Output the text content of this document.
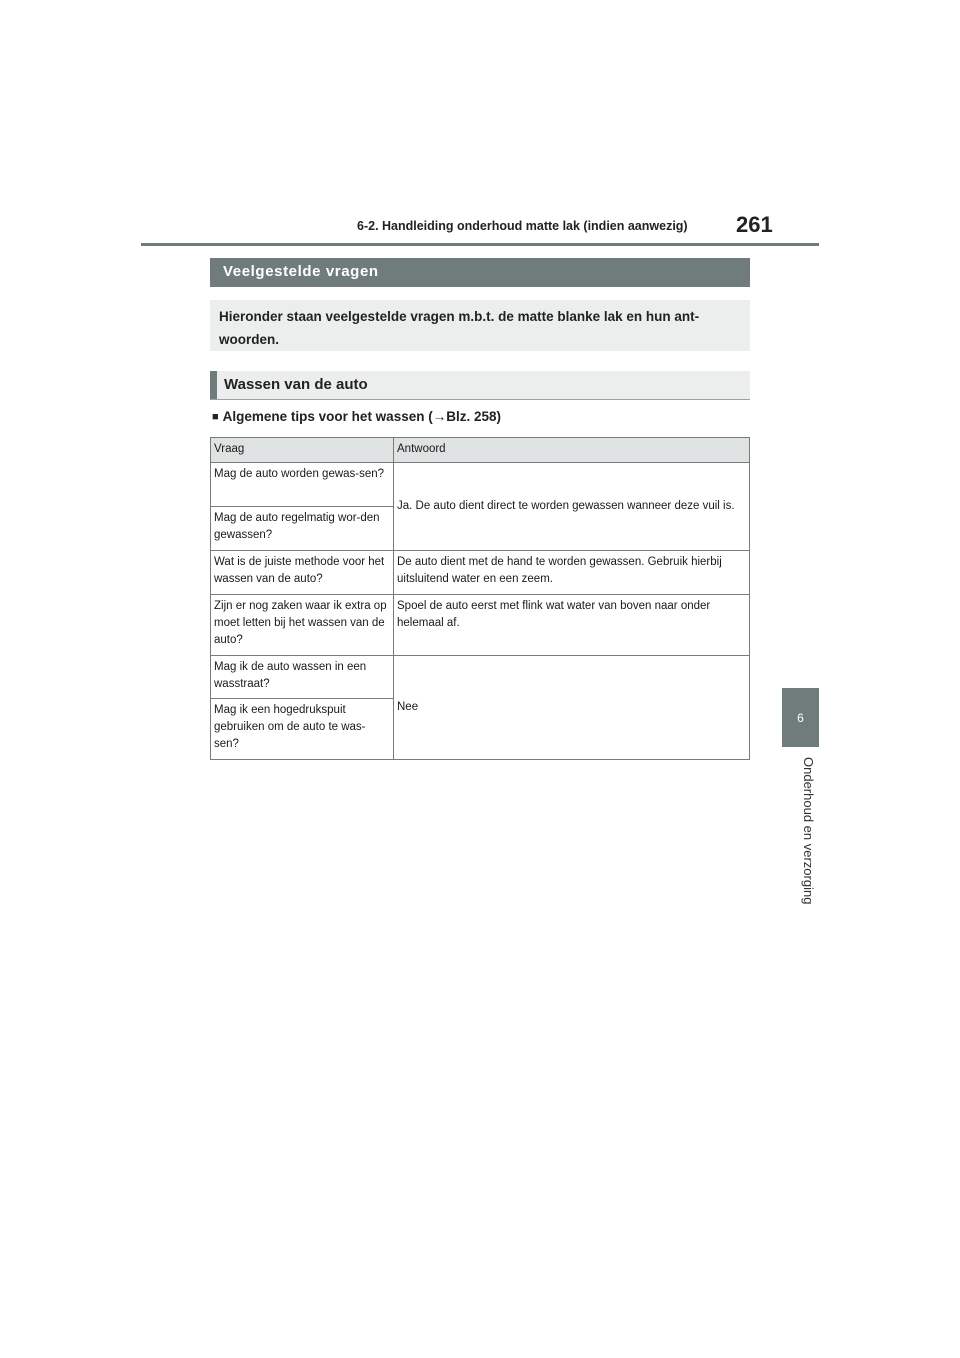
6-2. Handleiding onderhoud matte lak (indien aanwezig) 261
6
Onderhoud en verzorging
Veelgestelde vragen
Hieronder staan veelgestelde vragen m.b.t. de matte blanke lak en hun ant-
woorden.
Wassen van de auto
■ Algemene tips voor het wassen (→Blz. 258)
Vraag	Antwoord
Mag de auto worden gewas-sen?	Ja. De auto dient direct te worden gewassen wanneer deze vuil is.
Mag de auto regelmatig wor-den gewassen?	
Wat is de juiste methode voor het wassen van de auto?	De auto dient met de hand te worden gewassen. Gebruik hierbij uitsluitend water en een zeem.
Zijn er nog zaken waar ik extra op moet letten bij het wassen van de auto?	Spoel de auto eerst met flink wat water van boven naar onder helemaal af.
Mag ik de auto wassen in een wasstraat?	Nee
Mag ik een hogedrukspuit gebruiken om de auto te was-sen?	
